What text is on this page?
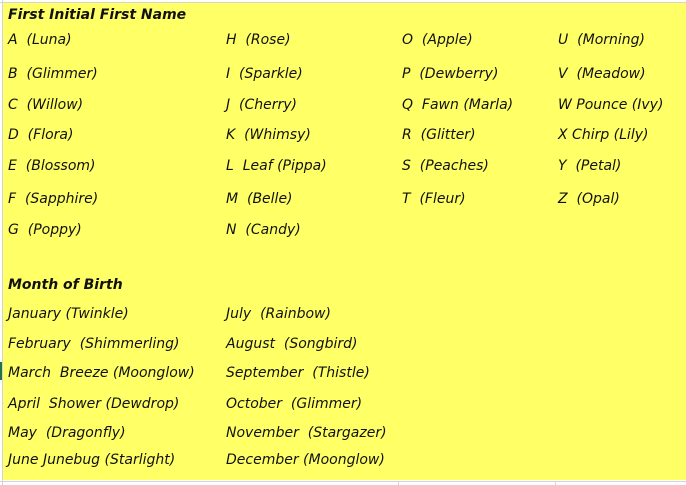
First Initial First Name
Month of Birth
A  (Luna)
B  (Glimmer)
C  (Willow)
D  (Flora)
E  (Blossom)
F  (Sapphire)
G  (Poppy)
H  (Rose)
I  (Sparkle)
J  (Cherry)
K  (Whimsy)
L  Leaf (Pippa)
M  (Belle)
N  (Candy)
O  (Apple)
P  (Dewberry)
Q  Fawn (Marla)
R  (Glitter)
S  (Peaches)
T  (Fleur)
U  (Morning)
V  (Meadow)
W Pounce (Ivy)
X Chirp (Lily)
Y  (Petal)
Z  (Opal)
January (Twinkle)
February  (Shimmerling)
March  Breeze (Moonglow)
April  Shower (Dewdrop)
May  (Dragonfly)
June Junebug (Starlight)
July  (Rainbow)
August  (Songbird)
September  (Thistle)
October  (Glimmer)
November  (Stargazer)
December (Moonglow)
